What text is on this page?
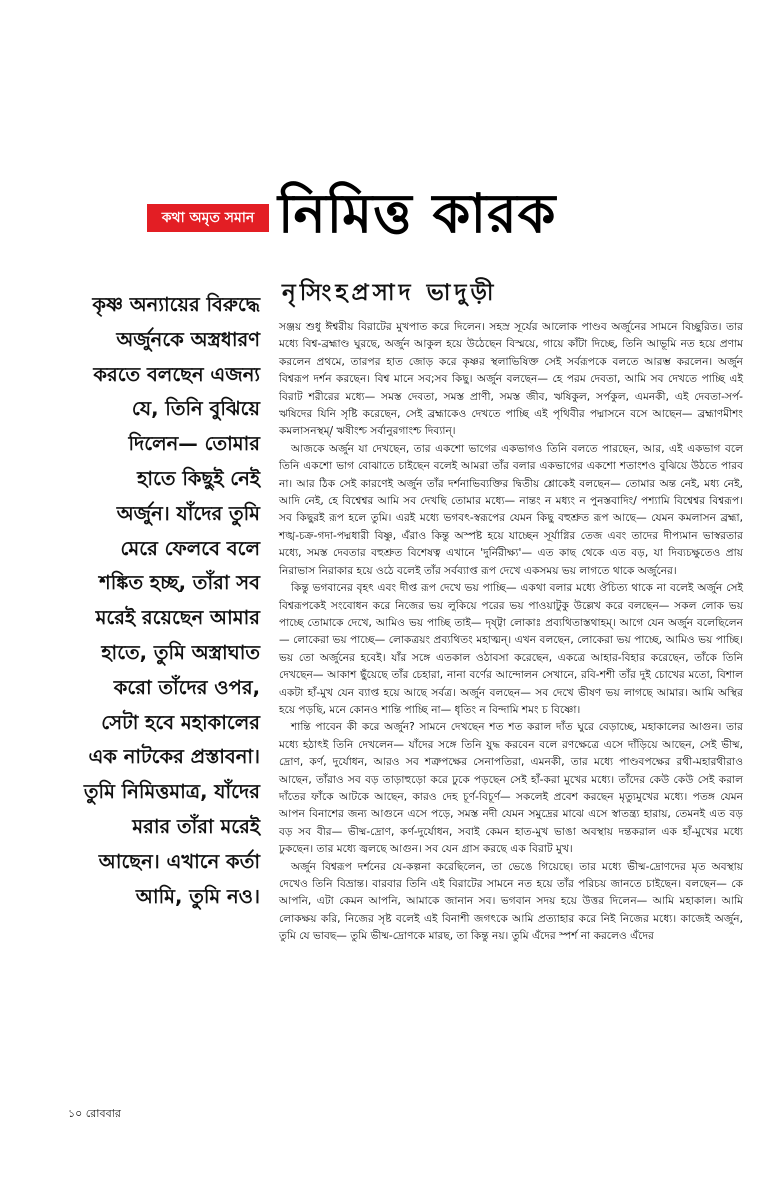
কথা অমৃত সমান নিমিত্ত কারক
নৃসিংহপ্রসাদ ভাদুড়ী
কৃষ্ণ অন্যায়ের বিরুদ্ধে
অর্জুনকে অস্ত্রধারণ
করতে বলছেন এজন্য
যে, তিনি বুঝিয়ে
দিলেন— তোমার
হাতে কিছুই নেই
অর্জুন। যাঁদের তুমি
মেরে ফেলবে বলে
শঙ্কিত হচ্ছ, তাঁরা সব
মরেই রয়েছেন আমার
হাতে, তুমি অস্ত্রাঘাত
করো তাঁদের ওপর,
সেটা হবে মহাকালের
এক নাটকের প্রস্তাবনা।
তুমি নিমিত্তমাত্র, যাঁদের
মরার তাঁরা মরেই
আছেন। এখানে কর্তা
আমি, তুমি নও।

সঞ্জয় শুধু ঈশ্বরীয় বিরাটের মুখপাত করে দিলেন। সহস্র সূর্যের আলোক পাণ্ডব অর্জুনের সামনে বিচ্ছুরিত। তার মধ্যে বিশ্ব-ব্রহ্মাণ্ড ঘুরছে, অর্জুন আকুল হয়ে উঠেছেন বিস্ময়ে, গায়ে কাঁটা দিচ্ছে, তিনি আভূমি নত হয়ে প্রণাম করলেন প্রথমে, তারপর হাত জোড় করে কৃষ্ণর স্থলাভিষিক্ত সেই সর্বরূপকে বলতে আরম্ভ করলেন। অর্জুন বিশ্বরূপ দর্শন করছেন। বিশ্ব মানে সব;সব কিছু। অর্জুন বলছেন— হে পরম দেবতা, আমি সব দেখতে পাচ্ছি এই বিরাট শরীরের মধ্যে— সমস্ত দেবতা, সমস্ত প্রাণী, সমস্ত জীব, ঋষিকুল, সর্পকুল, এমনকী, এই দেবতা-সর্প-ঋষিদের যিনি সৃষ্টি করেছেন, সেই ব্রহ্মাকেও দেখতে পাচ্ছি এই পৃথিবীর পদ্মাসনে বসে আছেন— ব্রহ্মাণমীশং কমলাসনস্থম্/ ঋষীংশ্চ সর্বানুরগাংশ্চ দিব্যান্।

আজকে অর্জুন যা দেখছেন, তার একশো ভাগের একভাগও তিনি বলতে পারছেন, আর, এই একভাগ বলে তিনি একশো ভাগ বোঝাতে চাইছেন বলেই আমরা তাঁর বলার একভাগের একশো শতাংশও বুঝিয়ে উঠতে পারব না। আর ঠিক সেই কারণেই অর্জুন তাঁর দর্শনাভিব্যক্তির দ্বিতীয় শ্লোকেই বলছেন— তোমার অন্ত নেই, মধ্য নেই, আদি নেই, হে বিশ্বেশ্বর আমি সব দেখছি তোমার মধ্যে— নান্তং ন মধ্যং ন পুনস্তবাদিং/ পশ্যামি বিশ্বেশ্বর বিশ্বরূপ। সব কিছুরই রূপ হলে তুমি। এরই মধ্যে ভগবৎ-স্বরূপের যেমন কিছু বহুশ্রুত রূপ আছে— যেমন কমলাসন ব্রহ্মা, শঙ্খ-চক্র-গদা-পদ্মধারী বিষ্ণু, এঁরাও কিন্তু অস্পষ্ট হয়ে যাচ্ছেন সূর্যাগ্নির তেজ এবং তাদের দীপ্যমান ভাস্বরতার মধ্যে, সমস্ত দেবতার বহুশ্রুত বিশেষত্ব এখানে 'দুর্নিরীক্ষ্য'— এত কাছ থেকে এত বড়, যা দিব্যচক্ষুতেও প্রায় নিরাভাস নিরাকার হয়ে ওঠে বলেই তাঁর সর্বব্যাপ্ত রূপ দেখে একসময় ভয় লাগতে থাকে অর্জুনের।

কিন্তু ভগবানের বৃহৎ এবং দীপ্ত রূপ দেখে ভয় পাচ্ছি— একথা বলার মধ্যে ঔচিত্য থাকে না বলেই অর্জুন সেই বিশ্বরূপকেই সংবোধন করে নিজের ভয় লুকিয়ে পরের ভয় পাওয়াটুকু উল্লেখ করে বলছেন— সকল লোক ভয় পাচ্ছে তোমাকে দেখে, আমিও ভয় পাচ্ছি তাই— দৃষ্ট্বা লোকাঃ প্রব্যথিতাস্তথাহম্। আগে যেন অর্জুন বলেছিলেন— লোকেরা ভয় পাচ্ছে— লোকত্রয়ং প্রব্যথিতং মহাত্মন্। এখন বলছেন, লোকেরা ভয় পাচ্ছে, আমিও ভয় পাচ্ছি। ভয় তো অর্জুনের হবেই। যাঁর সঙ্গে এতকাল ওঠাবসা করেছেন, একত্রে আহার-বিহার করেছেন, তাঁকে তিনি দেখছেন— আকাশ ছুঁয়েছে তাঁর চেহারা, নানা বর্ণের আন্দোলন সেখানে, রবি-শশী তাঁর দুই চোখের মতো, বিশাল একটা হাঁ-মুখ যেন ব্যাপ্ত হয়ে আছে সর্বত্র। অর্জুন বলছেন— সব দেখে ভীষণ ভয় লাগছে আমার। আমি অস্থির হয়ে পড়ছি, মনে কোনও শান্তি পাচ্ছি না— ধৃতিং ন বিন্দামি শমং চ বিষ্ণো।

শান্তি পাবেন কী করে অর্জুন? সামনে দেখছেন শত শত করাল দাঁত ঘুরে বেড়াচ্ছে, মহাকালের আগুন। তার মধ্যে হঠাৎই তিনি দেখলেন— যাঁদের সঙ্গে তিনি যুদ্ধ করবেন বলে রণক্ষেত্রে এসে দাঁড়িয়ে আছেন, সেই ভীষ্ম, দ্রোণ, কর্ণ, দুর্যোধন, আরও সব শত্রুপক্ষের সেনাপতিরা, এমনকী, তার মধ্যে পাণ্ডবপক্ষের রথী-মহারথীরাও আছেন, তাঁরাও সব বড় তাড়াহুড়ো করে ঢুকে পড়ছেন সেই হাঁ-করা মুখের মধ্যে। তাঁদের কেউ কেউ সেই করাল দাঁতের ফাঁকে আটকে আছেন, কারও দেহ চূর্ণ-বিচূর্ণ— সকলেই প্রবেশ করছেন মৃত্যুমুখের মধ্যে। পতঙ্গ যেমন আপন বিনাশের জন্য আগুনে এসে পড়ে, সমস্ত নদী যেমন সমুদ্রের মাঝে এসে স্বাতন্ত্র্য হারায়, তেমনই এত বড় বড় সব বীর— ভীষ্ম-দ্রোণ, কর্ণ-দুর্যোধন, সবাই কেমন হাত-মুখ ভাঙা অবস্থায় দন্তকরাল এক হাঁ-মুখের মধ্যে ঢুকছেন। তার মধ্যে জ্বলছে আগুন। সব যেন গ্রাস করছে এক বিরাট মুখ।

অর্জুন বিশ্বরূপ দর্শনের যে-কল্পনা করেছিলেন, তা ভেঙে গিয়েছে। তার মধ্যে ভীষ্ম-দ্রোণদের মৃত অবস্থায় দেখেও তিনি বিভ্রান্ত। বারবার তিনি এই বিরাটের সামনে নত হয়ে তাঁর পরিচয় জানতে চাইছেন। বলছেন— কে আপনি, এটা কেমন আপনি, আমাকে জানান সব। ভগবান সদয় হয়ে উত্তর দিলেন— আমি মহাকাল। আমি লোকক্ষয় করি, নিজের সৃষ্ট বলেই এই বিনাশী জগৎকে আমি প্রত্যাহার করে নিই নিজের মধ্যে। কাজেই অর্জুন, তুমি যে ভাবছ— তুমি ভীষ্ম-দ্রোণকে মারছ, তা কিন্তু নয়। তুমি এঁদের স্পর্শ না করলেও এঁদের

১০ রোববার
